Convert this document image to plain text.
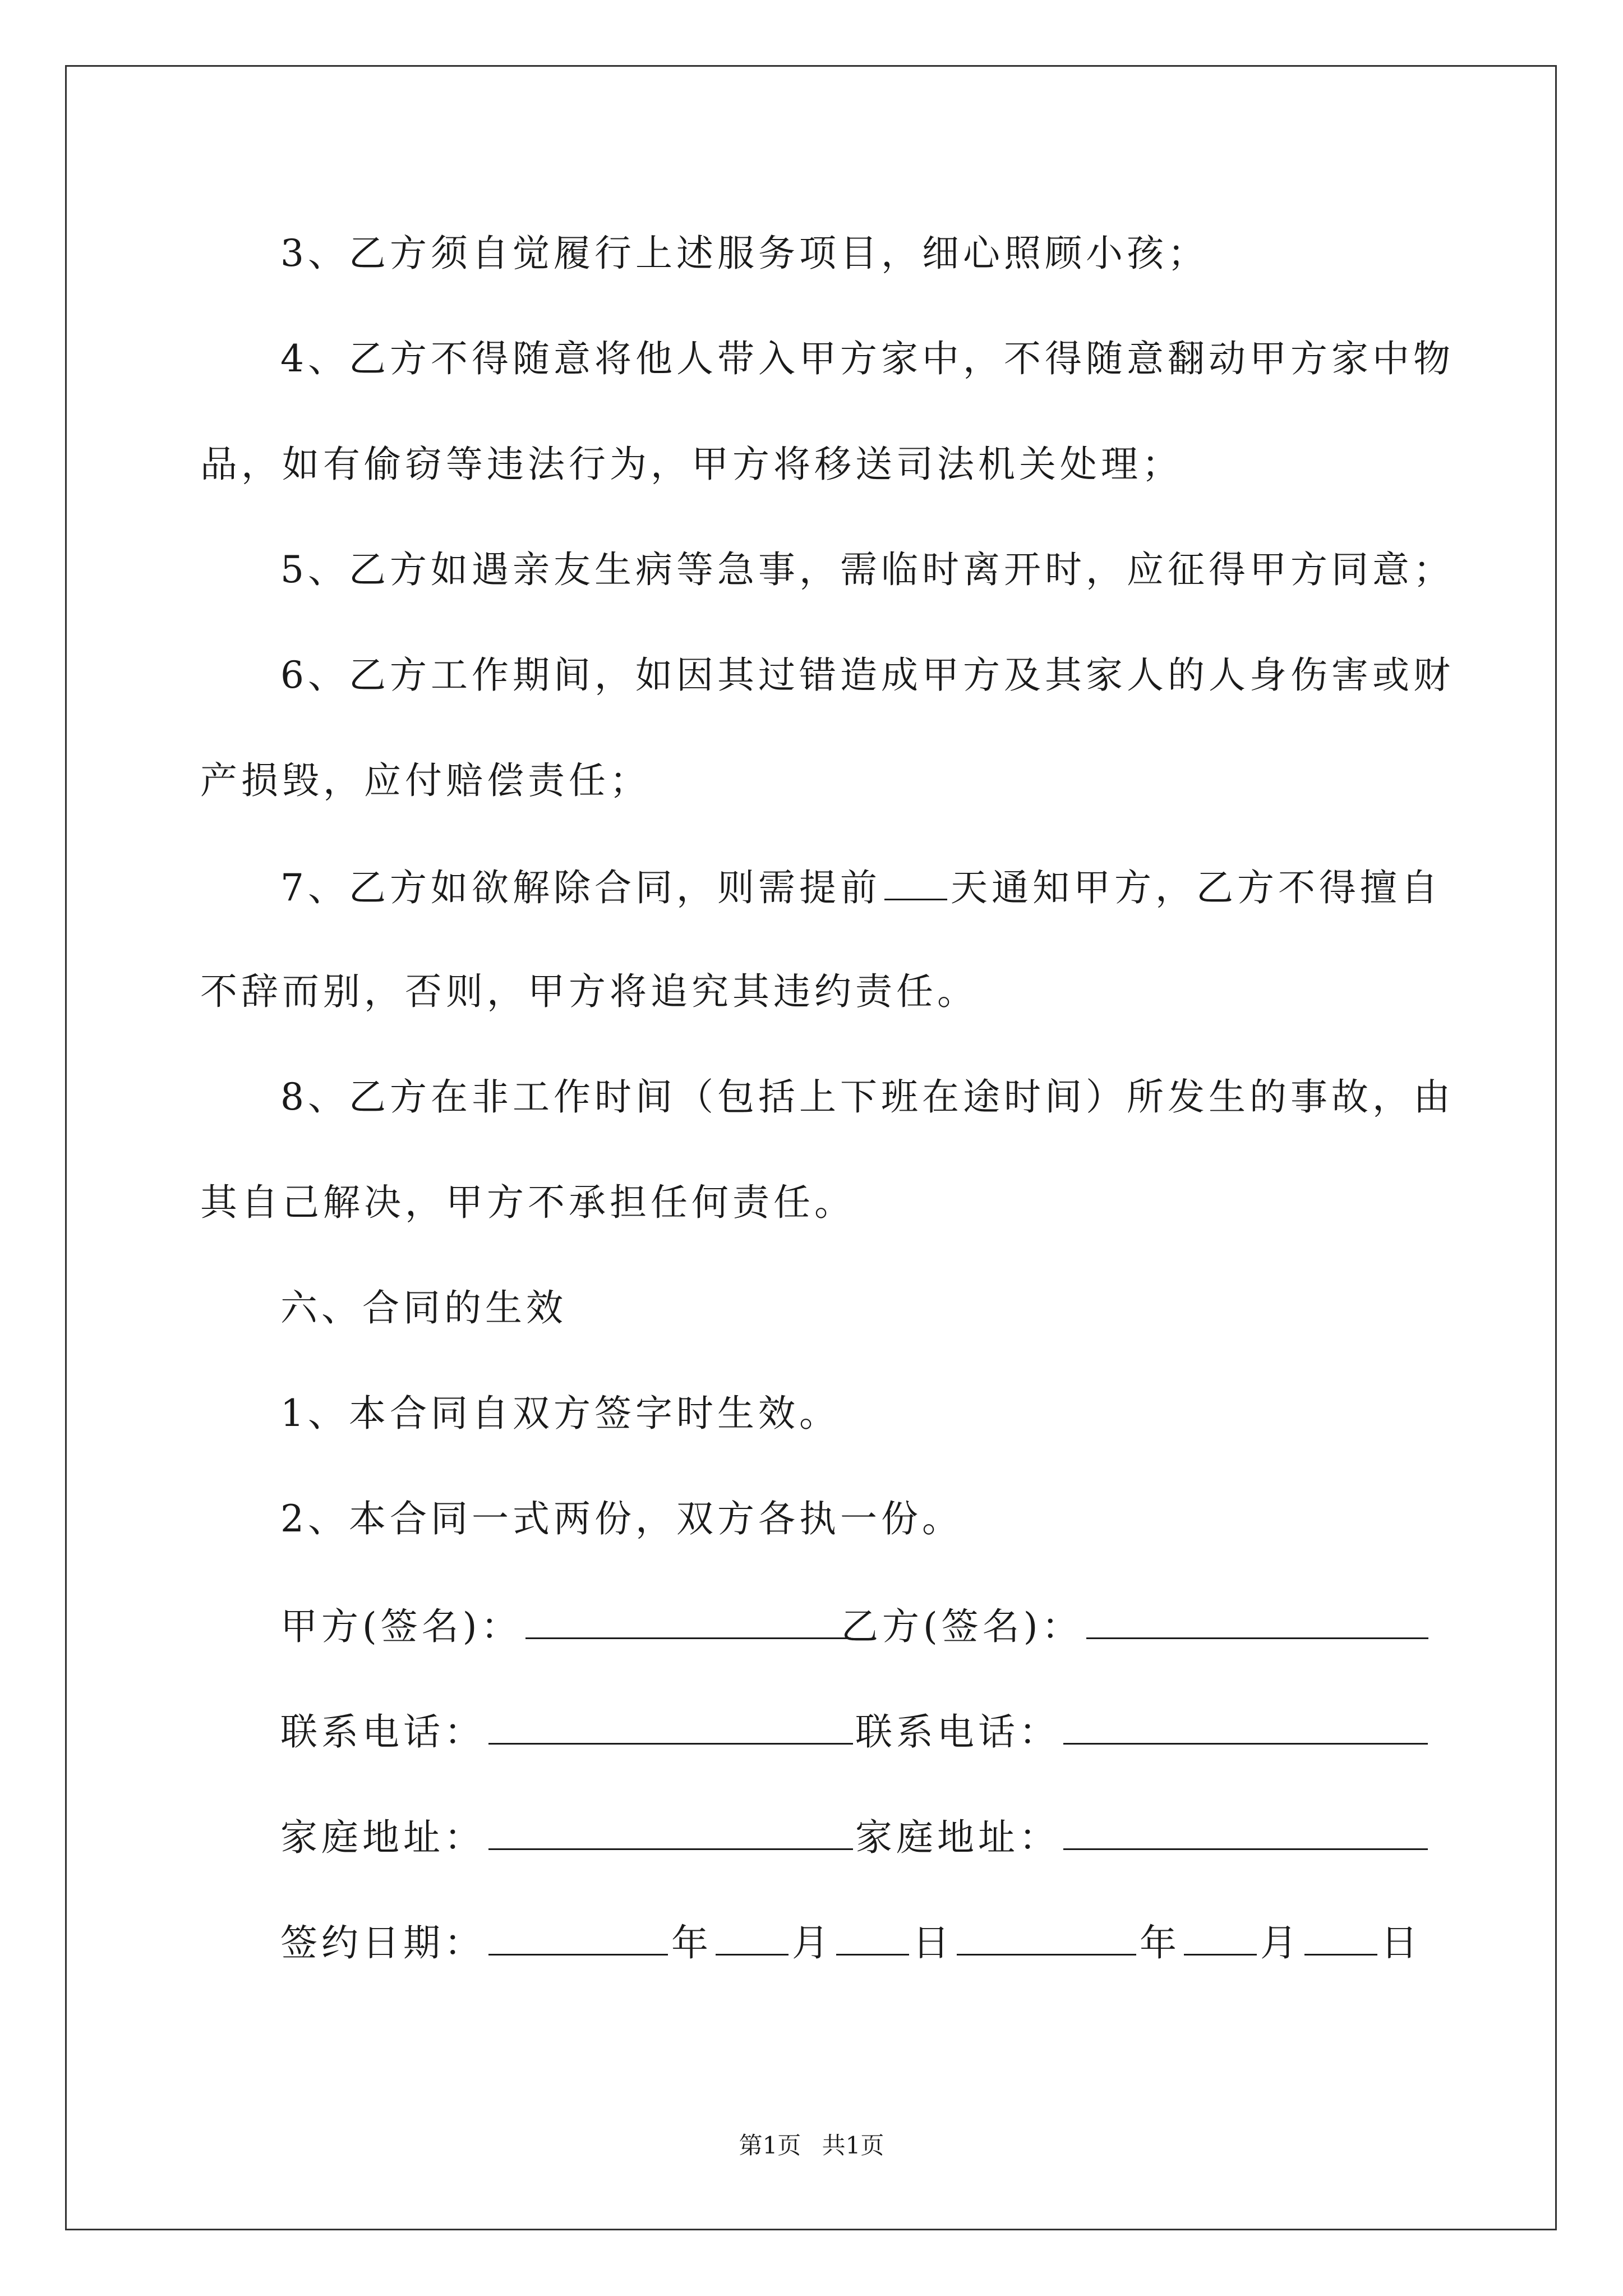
3、乙方须自觉履行上述服务项目，细心照顾小孩；
4、乙方不得随意将他人带入甲方家中，不得随意翻动甲方家中物
品，如有偷窃等违法行为，甲方将移送司法机关处理；
5、乙方如遇亲友生病等急事，需临时离开时，应征得甲方同意；
6、乙方工作期间，如因其过错造成甲方及其家人的人身伤害或财
产损毁，应付赔偿责任；
7、乙方如欲解除合同，则需提前 天通知甲方，乙方不得擅自
不辞而别，否则，甲方将追究其违约责任。
8、乙方在非工作时间（包括上下班在途时间）所发生的事故，由
其自己解决，甲方不承担任何责任。
六、合同的生效
1、本合同自双方签字时生效。
2、本合同一式两份，双方各执一份。
甲方(签名)：	乙方(签名)：
联系电话：	联系电话：
家庭地址：	家庭地址：
签约日期：	年 月 日	年 月 日
第1页 共1页
